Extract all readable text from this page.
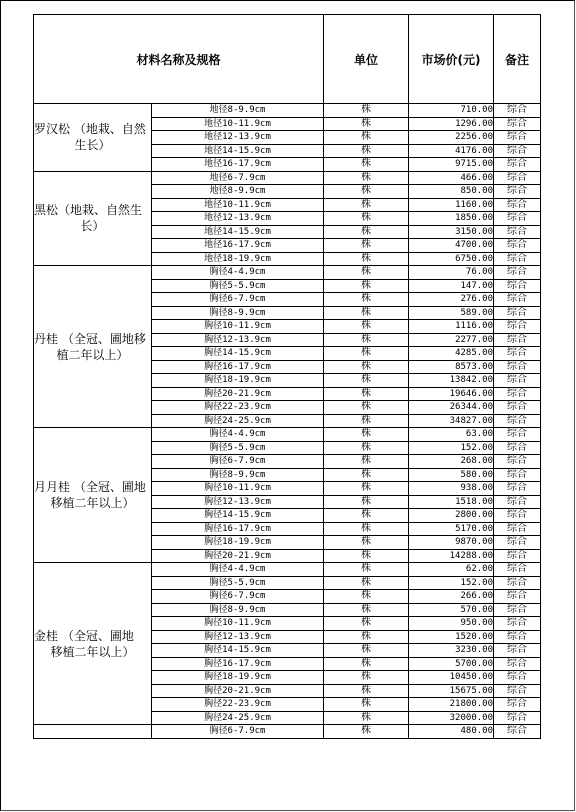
材料名称及规格		单位	市场价(元)	备注

罗汉松 （地栽、自然
生长）	地径8-9.9cm	株	710.00	综合
	地径10-11.9cm	株	1296.00	综合
	地径12-13.9cm	株	2256.00	综合
	地径14-15.9cm	株	4176.00	综合
	地径16-17.9cm	株	9715.00	综合

黑松（地栽、自然生
长）	地径6-7.9cm	株	466.00	综合
	地径8-9.9cm	株	850.00	综合
	地径10-11.9cm	株	1160.00	综合
	地径12-13.9cm	株	1850.00	综合
	地径14-15.9cm	株	3150.00	综合
	地径16-17.9cm	株	4700.00	综合
	地径18-19.9cm	株	6750.00	综合

丹桂 （全冠、圃地移
植二年以上）	胸径4-4.9cm	株	76.00	综合
	胸径5-5.9cm	株	147.00	综合
	胸径6-7.9cm	株	276.00	综合
	胸径8-9.9cm	株	589.00	综合
	胸径10-11.9cm	株	1116.00	综合
	胸径12-13.9cm	株	2277.00	综合
	胸径14-15.9cm	株	4285.00	综合
	胸径16-17.9cm	株	8573.00	综合
	胸径18-19.9cm	株	13842.00	综合
	胸径20-21.9cm	株	19646.00	综合
	胸径22-23.9cm	株	26344.00	综合
	胸径24-25.9cm	株	34827.00	综合

月月桂 （全冠、圃地
移植二年以上）	胸径4-4.9cm	株	63.00	综合
	胸径5-5.9cm	株	152.00	综合
	胸径6-7.9cm	株	268.00	综合
	胸径8-9.9cm	株	580.00	综合
	胸径10-11.9cm	株	938.00	综合
	胸径12-13.9cm	株	1518.00	综合
	胸径14-15.9cm	株	2800.00	综合
	胸径16-17.9cm	株	5170.00	综合
	胸径18-19.9cm	株	9870.00	综合
	胸径20-21.9cm	株	14288.00	综合

金桂 （全冠、圃地
移植二年以上）	胸径4-4.9cm	株	62.00	综合
	胸径5-5.9cm	株	152.00	综合
	胸径6-7.9cm	株	266.00	综合
	胸径8-9.9cm	株	570.00	综合
	胸径10-11.9cm	株	950.00	综合
	胸径12-13.9cm	株	1520.00	综合
	胸径14-15.9cm	株	3230.00	综合
	胸径16-17.9cm	株	5700.00	综合
	胸径18-19.9cm	株	10450.00	综合
	胸径20-21.9cm	株	15675.00	综合
	胸径22-23.9cm	株	21800.00	综合
	胸径24-25.9cm	株	32000.00	综合
	胸径6-7.9cm	株	480.00	综合
